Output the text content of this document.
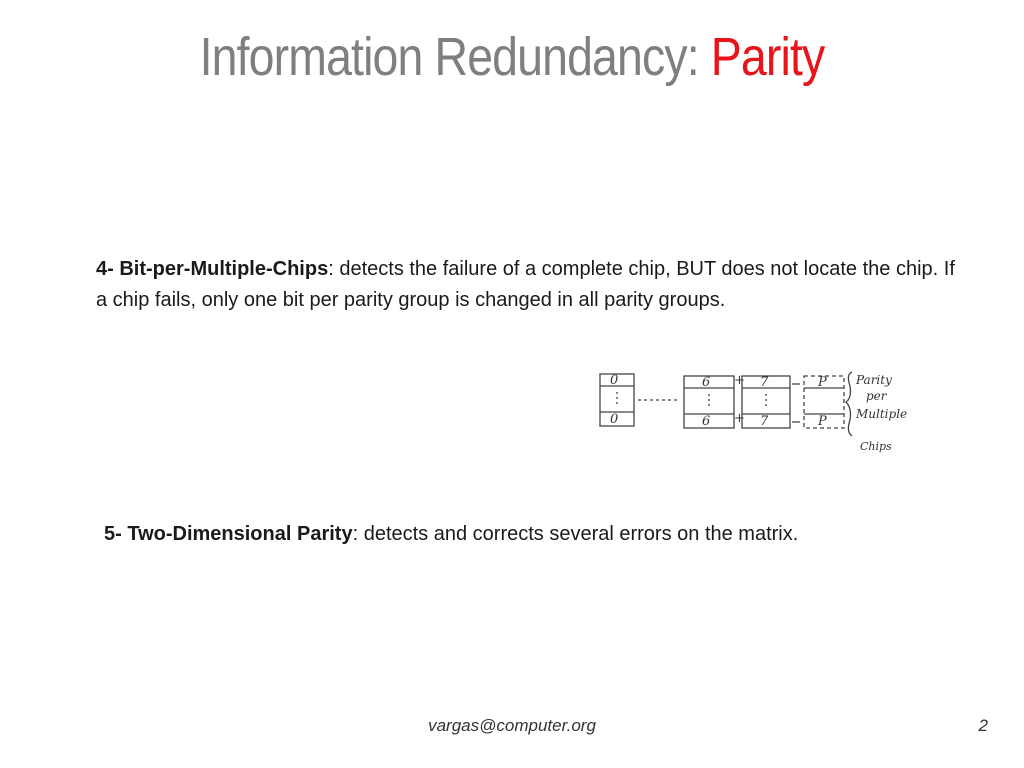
Information Redundancy: Parity
4- Bit-per-Multiple-Chips: detects the failure of a complete chip, BUT does not locate the chip. If a chip fails, only one bit per parity group is changed in all parity groups.
0
0
6
6
7
7
P
P
+
+
Parity
per
Multiple
Chips
5- Two-Dimensional Parity: detects and corrects several errors on the matrix.
vargas@computer.org	2
